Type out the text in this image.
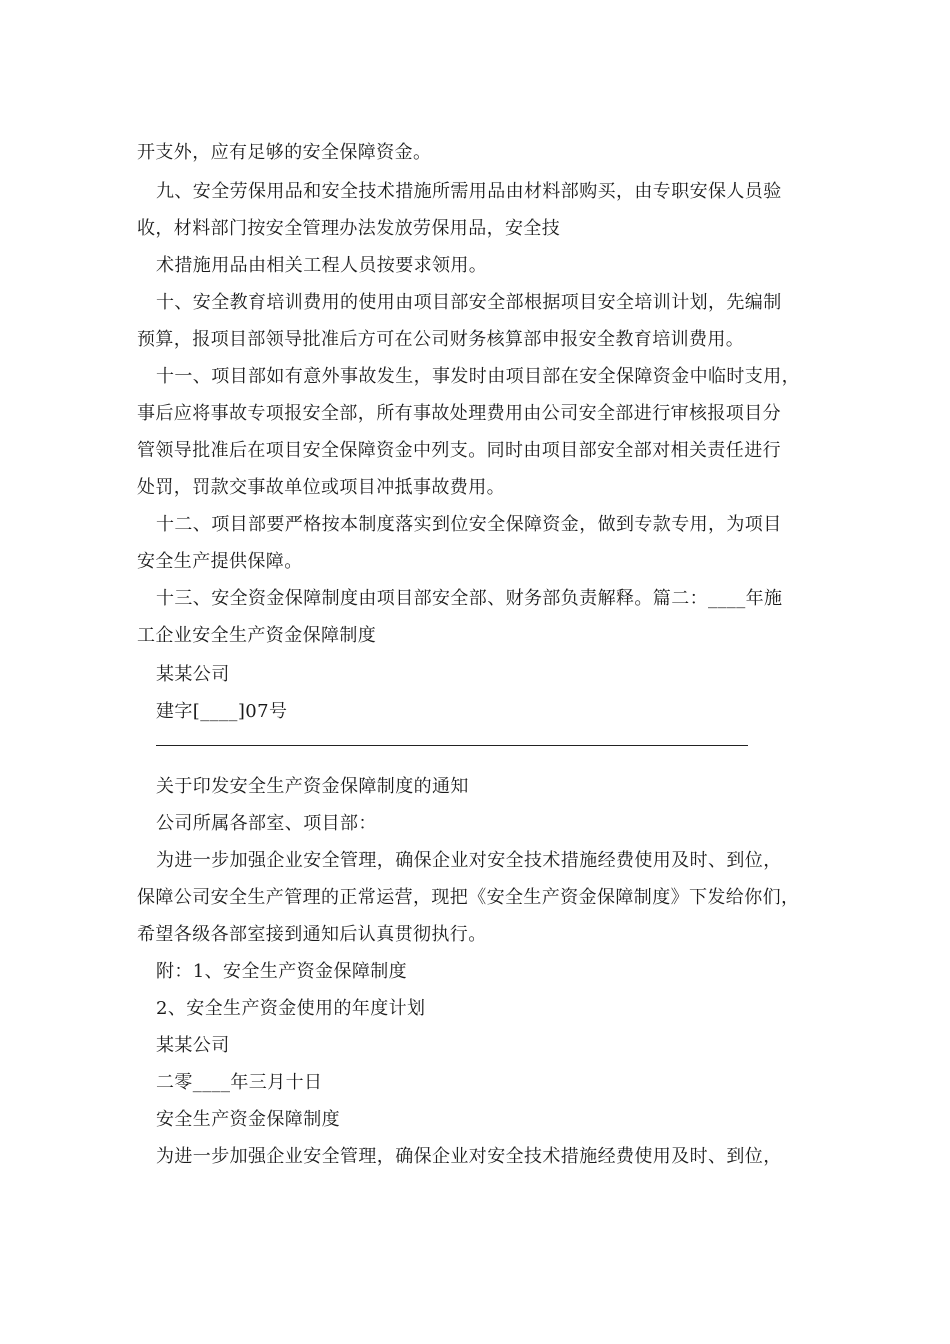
开支外，应有足够的安全保障资金。
九、安全劳保用品和安全技术措施所需用品由材料部购买，由专职安保人员验
收，材料部门按安全管理办法发放劳保用品，安全技
术措施用品由相关工程人员按要求领用。
十、安全教育培训费用的使用由项目部安全部根据项目安全培训计划，先编制
预算，报项目部领导批准后方可在公司财务核算部申报安全教育培训费用。
十一、项目部如有意外事故发生，事发时由项目部在安全保障资金中临时支用，
事后应将事故专项报安全部，所有事故处理费用由公司安全部进行审核报项目分
管领导批准后在项目安全保障资金中列支。同时由项目部安全部对相关责任进行
处罚，罚款交事故单位或项目冲抵事故费用。
十二、项目部要严格按本制度落实到位安全保障资金，做到专款专用，为项目
安全生产提供保障。
十三、安全资金保障制度由项目部安全部、财务部负责解释。篇二：____年施
工企业安全生产资金保障制度
某某公司
建字[____]07号
关于印发安全生产资金保障制度的通知
公司所属各部室、项目部：
为进一步加强企业安全管理，确保企业对安全技术措施经费使用及时、到位，
保障公司安全生产管理的正常运营，现把《安全生产资金保障制度》下发给你们，
希望各级各部室接到通知后认真贯彻执行。
附：1、安全生产资金保障制度
2、安全生产资金使用的年度计划
某某公司
二零____年三月十日
安全生产资金保障制度
为进一步加强企业安全管理，确保企业对安全技术措施经费使用及时、到位，
